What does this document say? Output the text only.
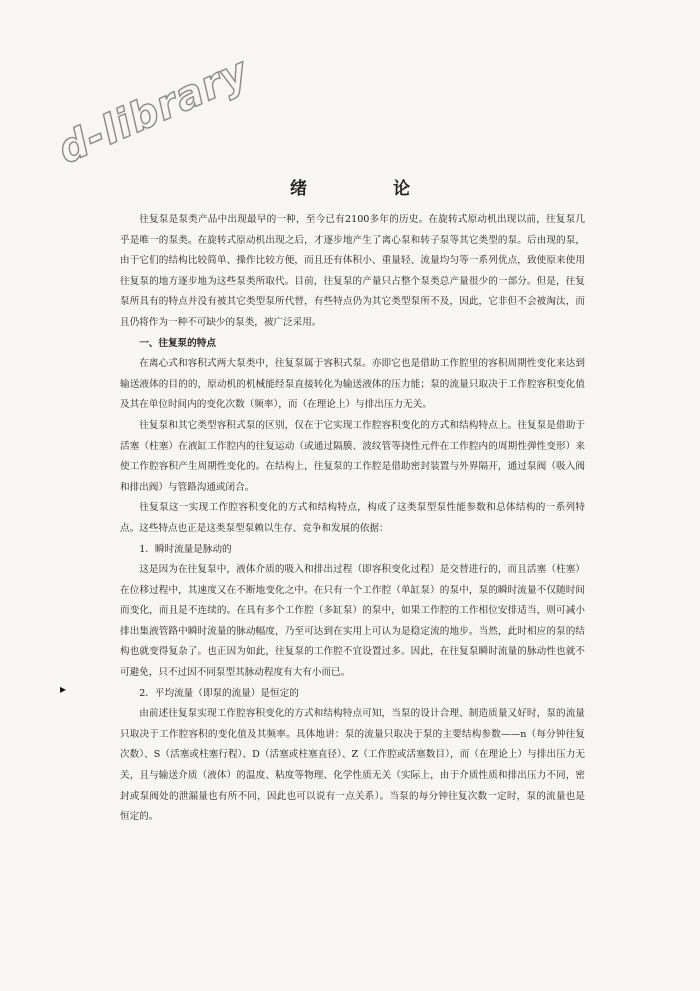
d-library
绪 论

往复泵是泵类产品中出现最早的一种，至今已有2100多年的历史。在旋转式原动机出现以前，往复泵几乎是唯一的泵类。在旋转式原动机出现之后，才逐步地产生了离心泵和转子泵等其它类型的泵。后由现的泵，由于它们的结构比较简单、操作比较方便，而且还有体积小、重量轻、流量均匀等一系列优点，致使原来使用往复泵的地方逐步地为这些泵类所取代。目前，往复泵的产量只占整个泵类总产量很少的一部分。但是，往复泵所具有的特点并没有被其它类型泵所代替，有些特点仍为其它类型泵所不及，因此，它非但不会被淘汰，而且仍将作为一种不可缺少的泵类，被广泛采用。

一、往复泵的特点

在离心式和容积式两大泵类中，往复泵属于容积式泵。亦即它也是借助工作腔里的容积周期性变化来达到输送液体的目的的，原动机的机械能经泵直接转化为输送液体的压力能；泵的流量只取决于工作腔容积变化值及其在单位时间内的变化次数（频率），而（在理论上）与排出压力无关。

往复泵和其它类型容积式泵的区别，仅在于它实现工作腔容积变化的方式和结构特点上。往复泵是借助于活塞（柱塞）在液缸工作腔内的往复运动（或通过隔膜、波纹管等挠性元件在工作腔内的周期性弹性变形）来使工作腔容积产生周期性变化的。在结构上，往复泵的工作腔是借助密封装置与外界隔开，通过泵阀（吸入阀和排出阀）与管路沟通或闭合。

往复泵这一实现工作腔容积变化的方式和结构特点，构成了这类泵型泵性能参数和总体结构的一系列特点。这些特点也正是这类泵型泵赖以生存、竞争和发展的依据：

1．瞬时流量是脉动的

这是因为在往复泵中，液体介质的吸入和排出过程（即容积变化过程）是交替进行的，而且活塞（柱塞）在位移过程中，其速度又在不断地变化之中。在只有一个工作腔（单缸泵）的泵中，泵的瞬时流量不仅随时间而变化，而且是不连续的。在具有多个工作腔（多缸泵）的泵中，如果工作腔的工作相位安排适当，则可减小排出集液管路中瞬时流量的脉动幅度，乃至可达到在实用上可认为是稳定流的地步。当然，此时相应的泵的结构也就变得复杂了。也正因为如此，往复泵的工作腔不宜设置过多。因此，在往复泵瞬时流量的脉动性也就不可避免，只不过因不同泵型其脉动程度有大有小而已。

2．平均流量（即泵的流量）是恒定的

由前述往复泵实现工作腔容积变化的方式和结构特点可知，当泵的设计合理、制造质量又好时，泵的流量只取决于工作腔容积的变化值及其频率。具体地讲：泵的流量只取决于泵的主要结构参数——n（每分钟往复次数）、S（活塞或柱塞行程）、D（活塞或柱塞直径）、Z（工作腔或活塞数目），而（在理论上）与排出压力无关，且与输送介质（液体）的温度、粘度等物理、化学性质无关（实际上，由于介质性质和排出压力不同，密封或泵阀处的泄漏量也有所不同，因此也可以说有一点关系）。当泵的每分钟往复次数一定时，泵的流量也是恒定的。

▸
